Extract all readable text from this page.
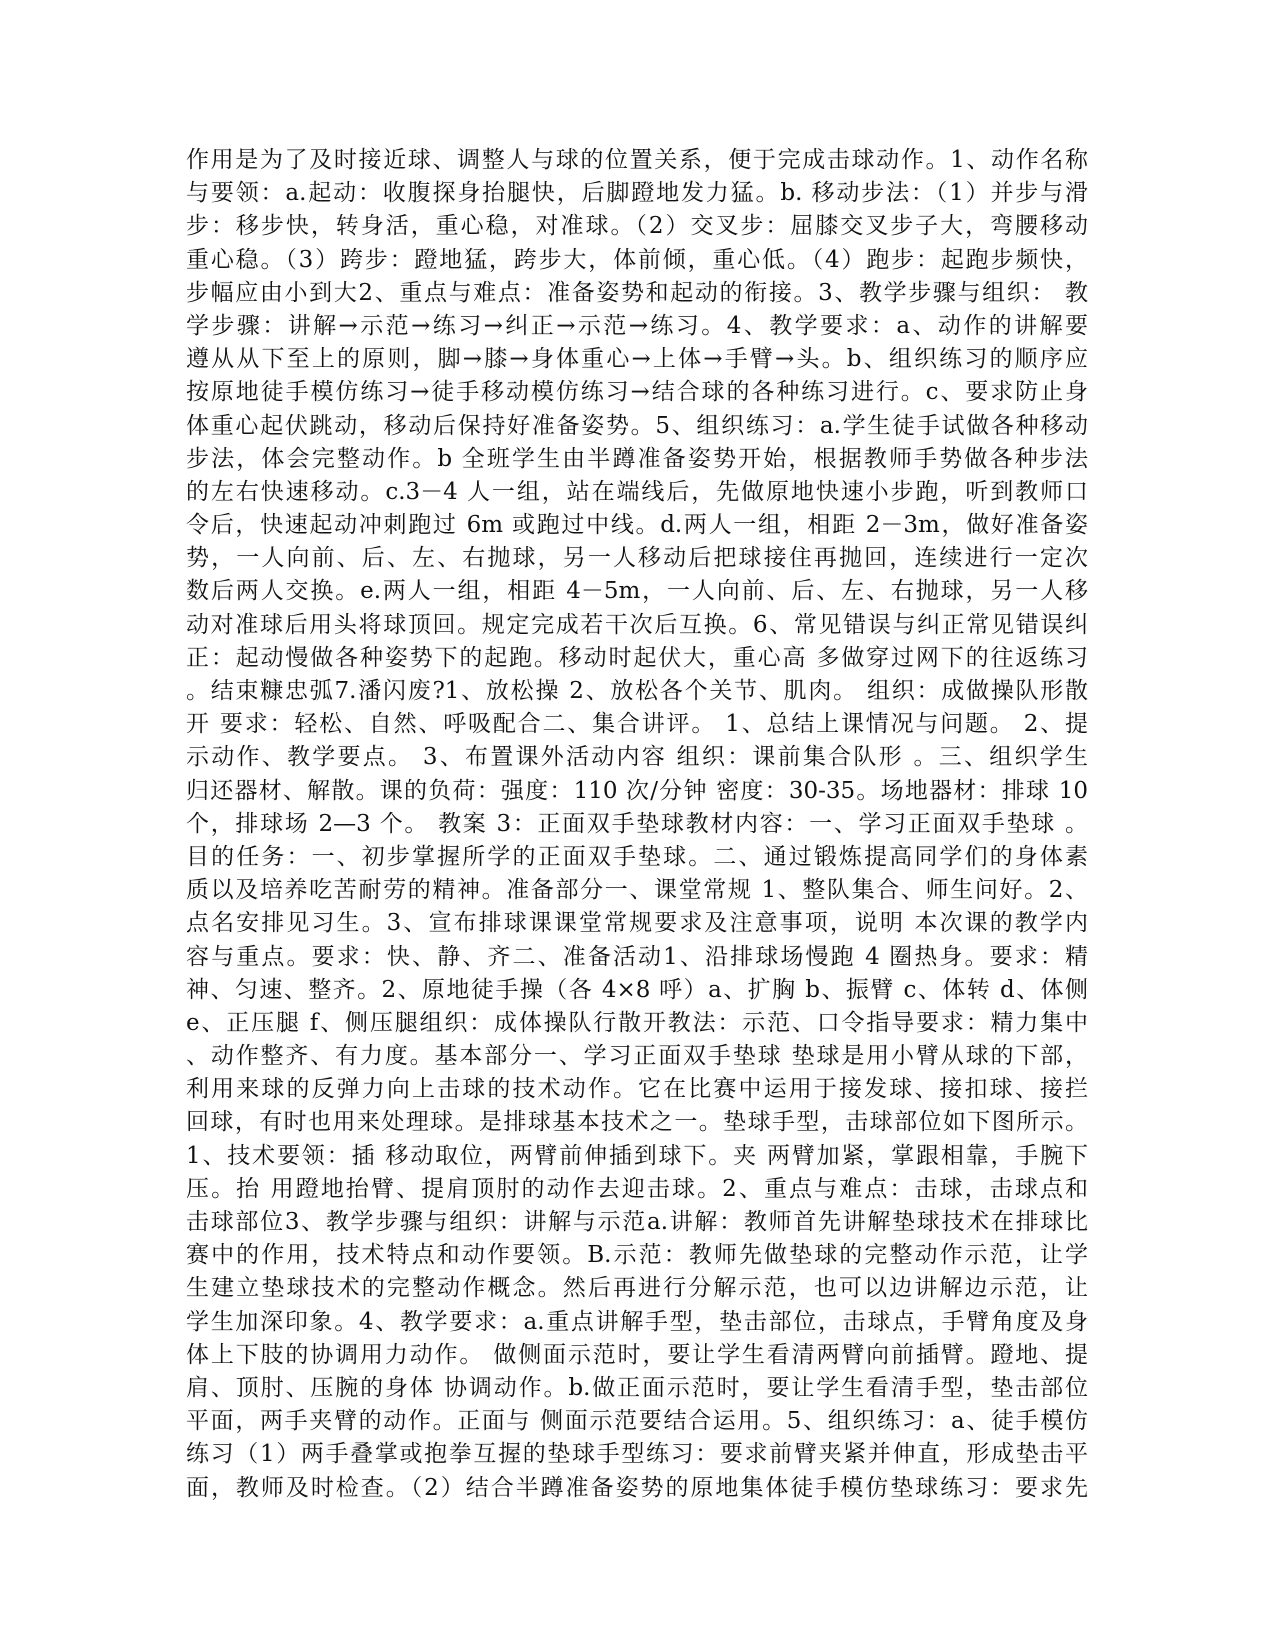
作用是为了及时接近球、调整人与球的位置关系，便于完成击球动作。1、动作名称
与要领：a.起动：收腹探身抬腿快，后脚蹬地发力猛。b. 移动步法：（1）并步与滑
步：移步快，转身活，重心稳，对准球。（2）交叉步：屈膝交叉步子大，弯腰移动
重心稳。（3）跨步：蹬地猛，跨步大，体前倾，重心低。（4）跑步：起跑步频快，
步幅应由小到大2、重点与难点：准备姿势和起动的衔接。3、教学步骤与组织： 教
学步骤：讲解→示范→练习→纠正→示范→练习。4、教学要求：a、动作的讲解要
遵从从下至上的原则，脚→膝→身体重心→上体→手臂→头。b、组织练习的顺序应
按原地徒手模仿练习→徒手移动模仿练习→结合球的各种练习进行。c、要求防止身
体重心起伏跳动，移动后保持好准备姿势。5、组织练习：a.学生徒手试做各种移动
步法，体会完整动作。b 全班学生由半蹲准备姿势开始，根据教师手势做各种步法
的左右快速移动。c.3－4 人一组，站在端线后，先做原地快速小步跑，听到教师口
令后，快速起动冲刺跑过 6m 或跑过中线。d.两人一组，相距 2－3m，做好准备姿
势，一人向前、后、左、右抛球，另一人移动后把球接住再抛回，连续进行一定次
数后两人交换。e.两人一组，相距 4－5m，一人向前、后、左、右抛球，另一人移
动对准球后用头将球顶回。规定完成若干次后互换。6、常见错误与纠正常见错误纠
正：起动慢做各种姿势下的起跑。移动时起伏大，重心高 多做穿过网下的往返练习
。结束糠忠弧7.潘闪废?1、放松操 2、放松各个关节、肌肉。 组织：成做操队形散
开 要求：轻松、自然、呼吸配合二、集合讲评。 1、总结上课情况与问题。 2、提
示动作、教学要点。 3、布置课外活动内容 组织：课前集合队形 。三、组织学生
归还器材、解散。课的负荷：强度：110 次/分钟 密度：30-35。场地器材：排球 10
个，排球场 2—3 个。 教案 3：正面双手垫球教材内容：一、学习正面双手垫球 。
目的任务：一、初步掌握所学的正面双手垫球。二、通过锻炼提高同学们的身体素
质以及培养吃苦耐劳的精神。准备部分一、课堂常规 1、整队集合、师生问好。2、
点名安排见习生。3、宣布排球课课堂常规要求及注意事项，说明 本次课的教学内
容与重点。要求：快、静、齐二、准备活动1、沿排球场慢跑 4 圈热身。要求：精
神、匀速、整齐。2、原地徒手操（各 4×8 呼）a、扩胸 b、振臂 c、体转 d、体侧
e、正压腿 f、侧压腿组织：成体操队行散开教法：示范、口令指导要求：精力集中
、动作整齐、有力度。基本部分一、学习正面双手垫球 垫球是用小臂从球的下部，
利用来球的反弹力向上击球的技术动作。它在比赛中运用于接发球、接扣球、接拦
回球，有时也用来处理球。是排球基本技术之一。垫球手型，击球部位如下图所示。
1、技术要领：插 移动取位，两臂前伸插到球下。夹 两臂加紧，掌跟相靠，手腕下
压。抬 用蹬地抬臂、提肩顶肘的动作去迎击球。2、重点与难点：击球，击球点和
击球部位3、教学步骤与组织：讲解与示范a.讲解：教师首先讲解垫球技术在排球比
赛中的作用，技术特点和动作要领。B.示范：教师先做垫球的完整动作示范，让学
生建立垫球技术的完整动作概念。然后再进行分解示范，也可以边讲解边示范，让
学生加深印象。4、教学要求：a.重点讲解手型，垫击部位，击球点，手臂角度及身
体上下肢的协调用力动作。 做侧面示范时，要让学生看清两臂向前插臂。蹬地、提
肩、顶肘、压腕的身体 协调动作。b.做正面示范时，要让学生看清手型，垫击部位
平面，两手夹臂的动作。正面与 侧面示范要结合运用。5、组织练习：a、徒手模仿
练习（1）两手叠掌或抱拳互握的垫球手型练习：要求前臂夹紧并伸直，形成垫击平
面，教师及时检查。（2）结合半蹲准备姿势的原地集体徒手模仿垫球练习：要求先
